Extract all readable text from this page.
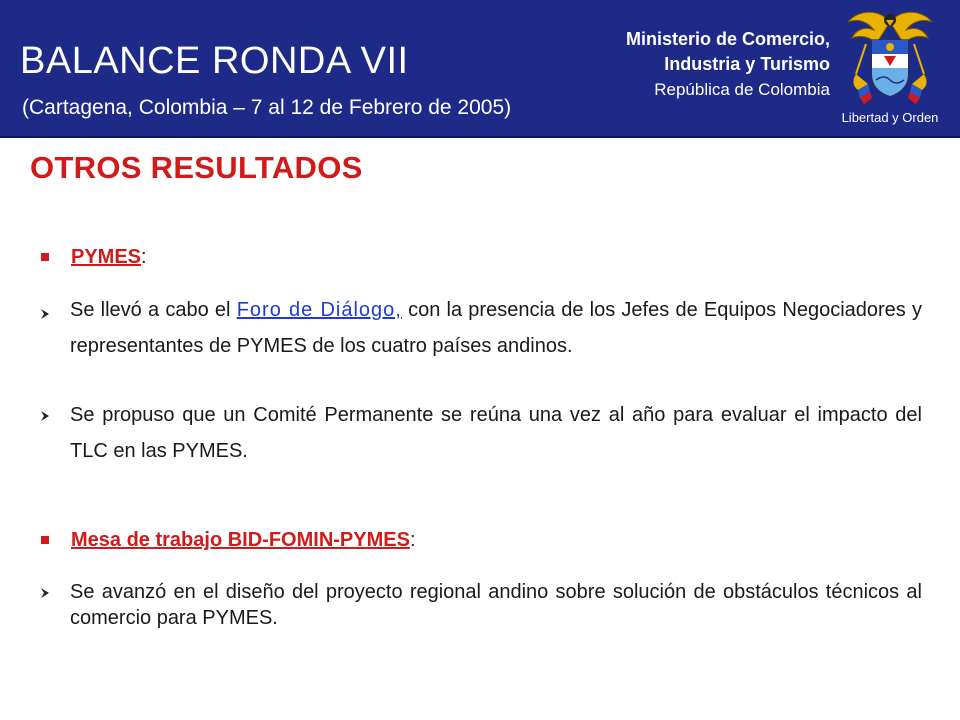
BALANCE RONDA VII
(Cartagena, Colombia – 7 al 12 de Febrero de 2005)
Ministerio de Comercio,
Industria y Turismo
República de Colombia
Libertad y Orden
OTROS RESULTADOS
PYMES:
Se llevó a cabo el Foro de Diálogo, con la presencia de los Jefes de Equipos Negociadores y representantes de PYMES de los cuatro países andinos.
Se propuso que un Comité Permanente se reúna una vez al año para evaluar el impacto del TLC en las PYMES.
Mesa de trabajo BID-FOMIN-PYMES:
Se avanzó en el diseño del proyecto regional andino sobre solución de obstáculos técnicos al comercio para PYMES.
